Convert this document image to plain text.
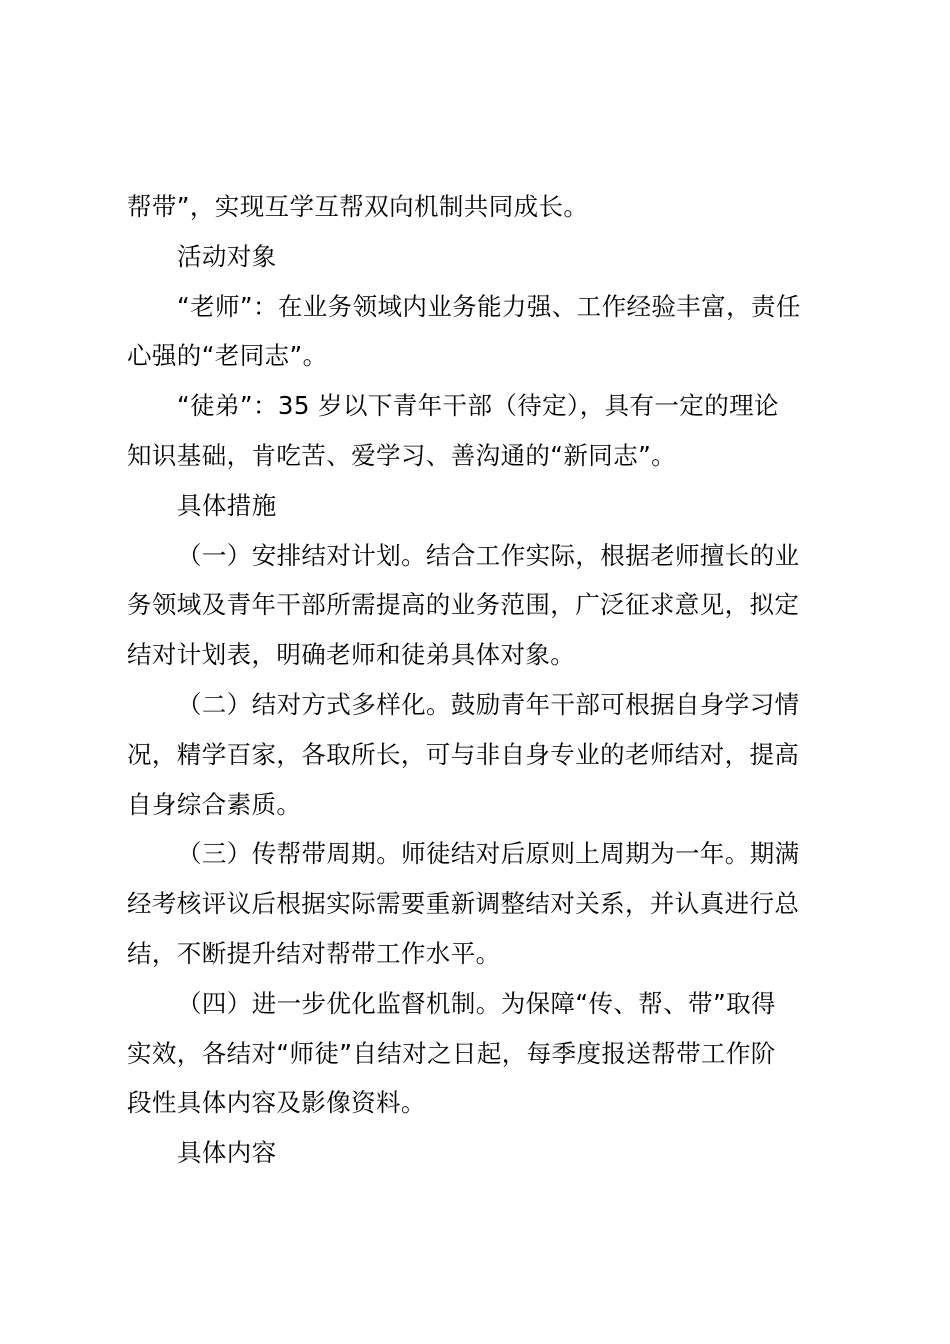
帮带”，实现互学互帮双向机制共同成长。
活动对象
“老师”：在业务领域内业务能力强、工作经验丰富，责任
心强的“老同志”。
“徒弟”：35 岁以下青年干部（待定），具有一定的理论
知识基础，肯吃苦、爱学习、善沟通的“新同志”。
具体措施
（一）安排结对计划。结合工作实际，根据老师擅长的业
务领域及青年干部所需提高的业务范围，广泛征求意见，拟定
结对计划表，明确老师和徒弟具体对象。
（二）结对方式多样化。鼓励青年干部可根据自身学习情
况，精学百家，各取所长，可与非自身专业的老师结对，提高
自身综合素质。
（三）传帮带周期。师徒结对后原则上周期为一年。期满
经考核评议后根据实际需要重新调整结对关系，并认真进行总
结，不断提升结对帮带工作水平。
（四）进一步优化监督机制。为保障“传、帮、带”取得
实效，各结对“师徒”自结对之日起，每季度报送帮带工作阶
段性具体内容及影像资料。
具体内容
